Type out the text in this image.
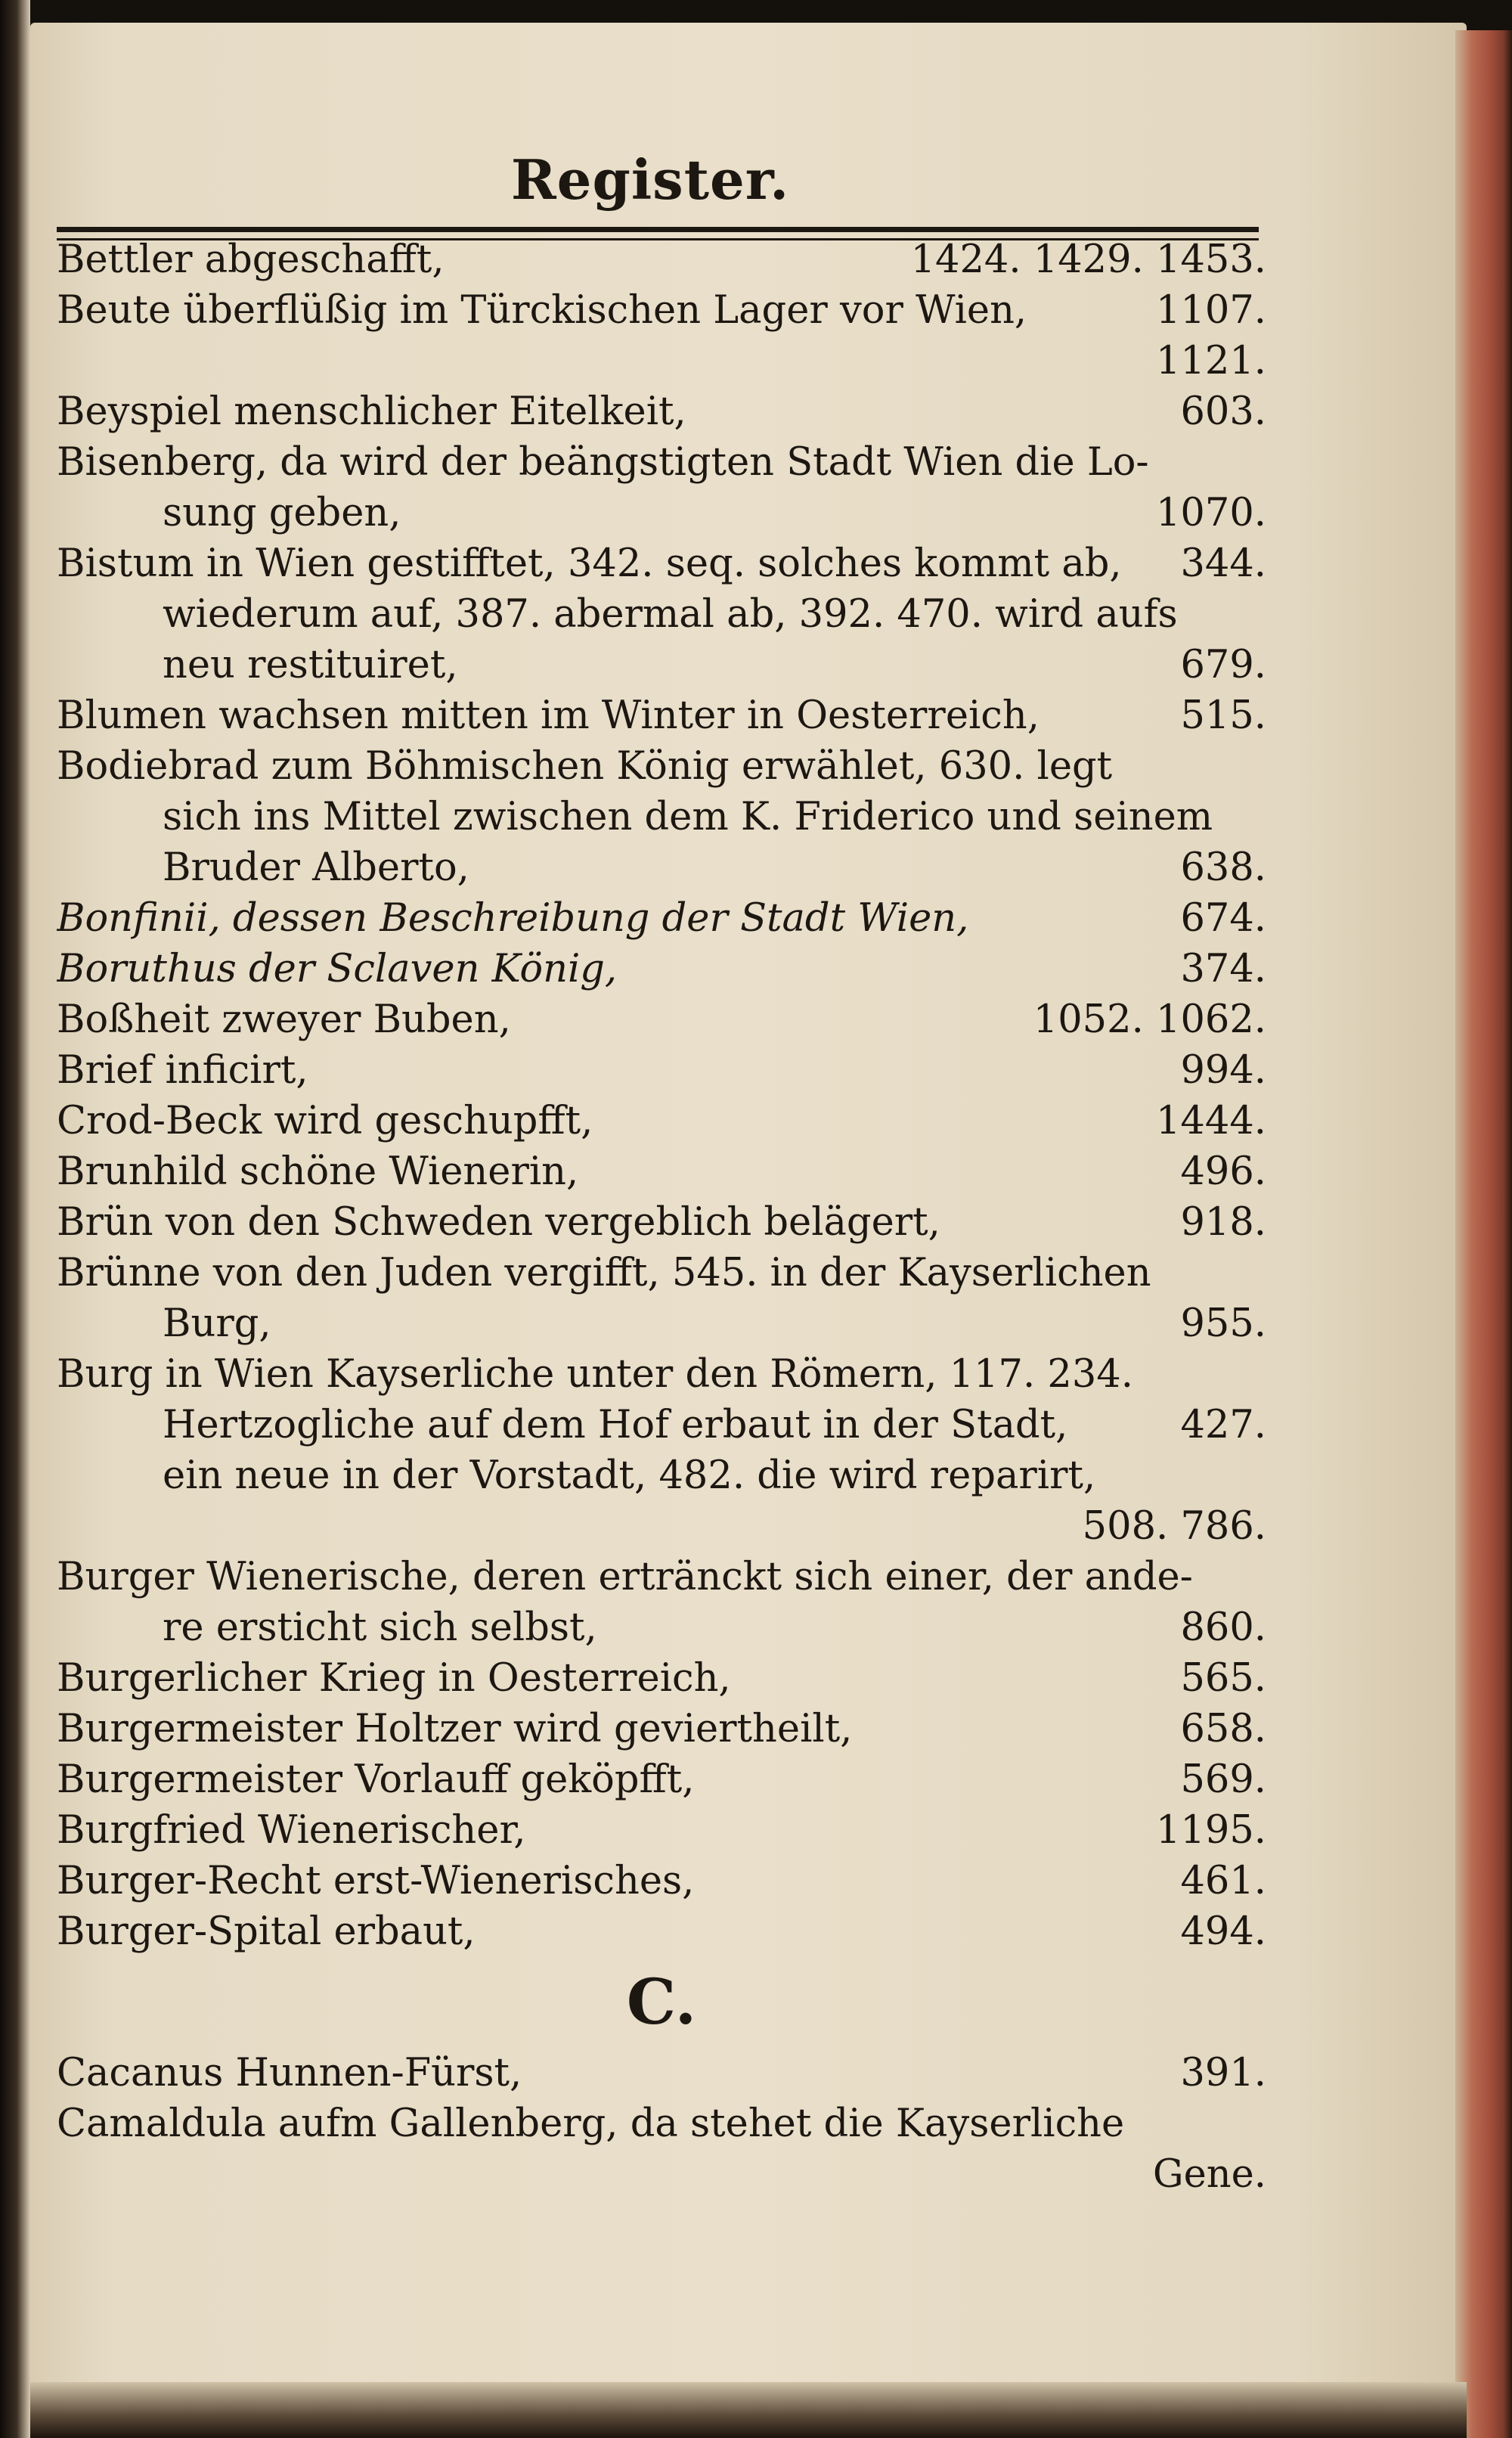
Register.
Bettler abgeschafft,	1424. 1429. 1453.
Beute überflüßig im Türckischen Lager vor Wien,	1107.
1121.
Beyspiel menschlicher Eitelkeit,	603.
Bisenberg, da wird der beängstigten Stadt Wien die Lo-
sung geben,	1070.
Bistum in Wien gestifftet, 342. seq. solches kommt ab,	344.
wiederum auf, 387. abermal ab, 392. 470. wird aufs
neu restituiret,	679.
Blumen wachsen mitten im Winter in Oesterreich,	515.
Bodiebrad zum Böhmischen König erwählet, 630. legt
sich ins Mittel zwischen dem K. Friderico und seinem
Bruder Alberto,	638.
Bonfinii, dessen Beschreibung der Stadt Wien,	674.
Boruthus der Sclaven König,	374.
Boßheit zweyer Buben,	1052. 1062.
Brief inficirt,	994.
Crod-Beck wird geschupfft,	1444.
Brunhild schöne Wienerin,	496.
Brün von den Schweden vergeblich belägert,	918.
Brünne von den Juden vergifft, 545. in der Kayserlichen
Burg,	955.
Burg in Wien Kayserliche unter den Römern, 117. 234.
Hertzogliche auf dem Hof erbaut in der Stadt,	427.
ein neue in der Vorstadt, 482. die wird reparirt,
508. 786.
Burger Wienerische, deren ertränckt sich einer, der ande-
re ersticht sich selbst,	860.
Burgerlicher Krieg in Oesterreich,	565.
Burgermeister Holtzer wird geviertheilt,	658.
Burgermeister Vorlauff geköpfft,	569.
Burgfried Wienerischer,	1195.
Burger-Recht erst-Wienerisches,	461.
Burger-Spital erbaut,	494.
C.
Cacanus Hunnen-Fürst,	391.
Camaldula aufm Gallenberg, da stehet die Kayserliche
Gene.
